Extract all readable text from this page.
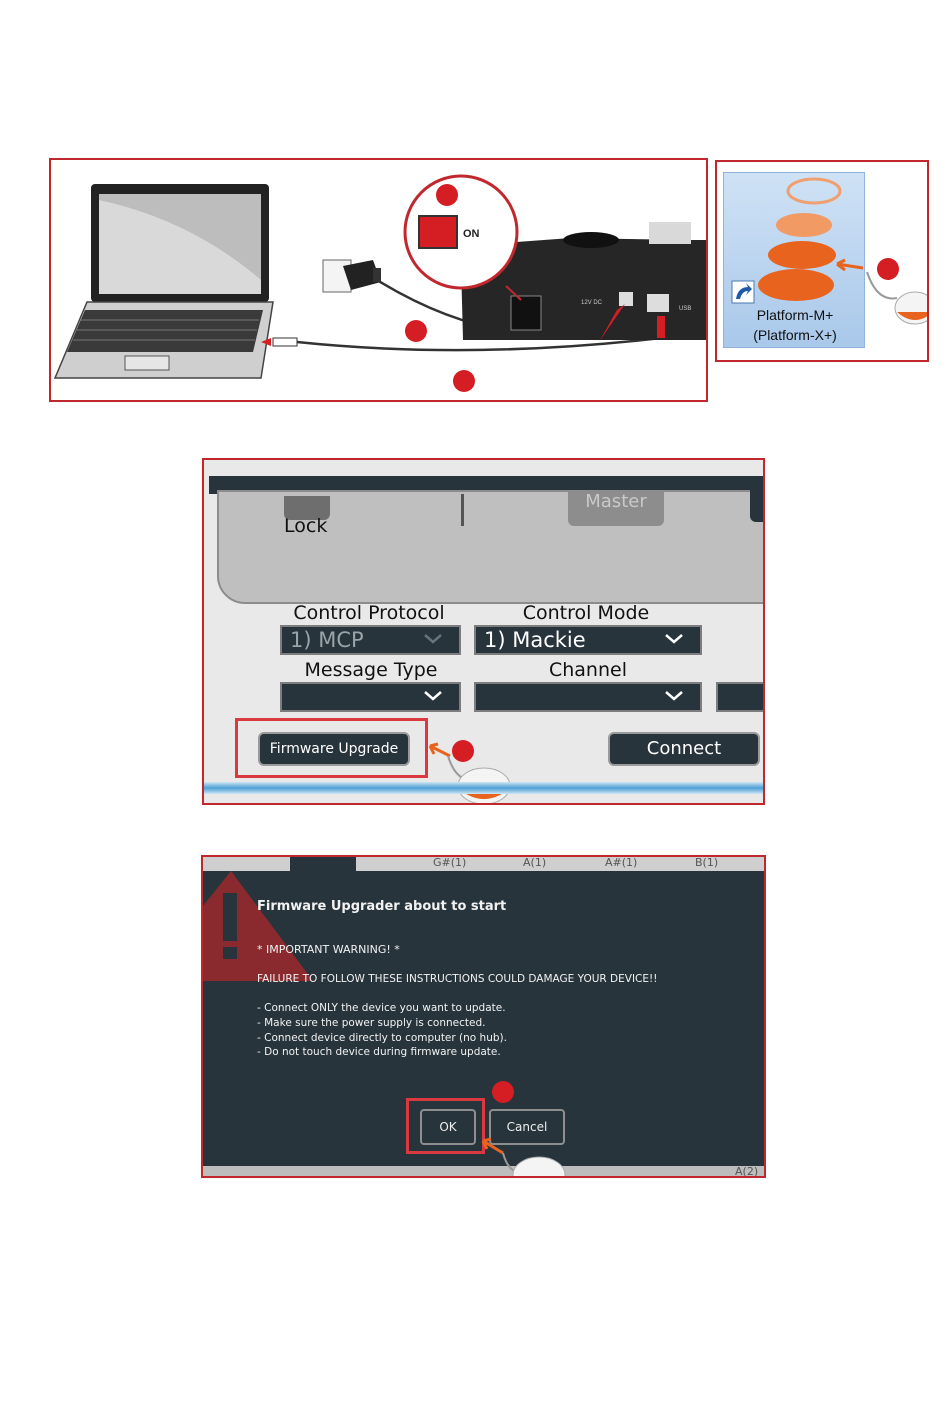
ON
12V DC
USB	Platform-M+
(Platform-X+)
Lock
Master
Control Protocol
1) MCP
Control Mode
1) Mackie
Message Type	Channel
Firmware Upgrade	Connect
G#(1)	A(1)	A#(1)	B(1)
Firmware Upgrader about to start
* IMPORTANT WARNING! *
FAILURE TO FOLLOW THESE INSTRUCTIONS COULD DAMAGE YOUR DEVICE!!
- Connect ONLY the device you want to update.
- Make sure the power supply is connected.
- Connect device directly to computer (no hub).
- Do not touch device during firmware update.
OK	Cancel
A(2)
